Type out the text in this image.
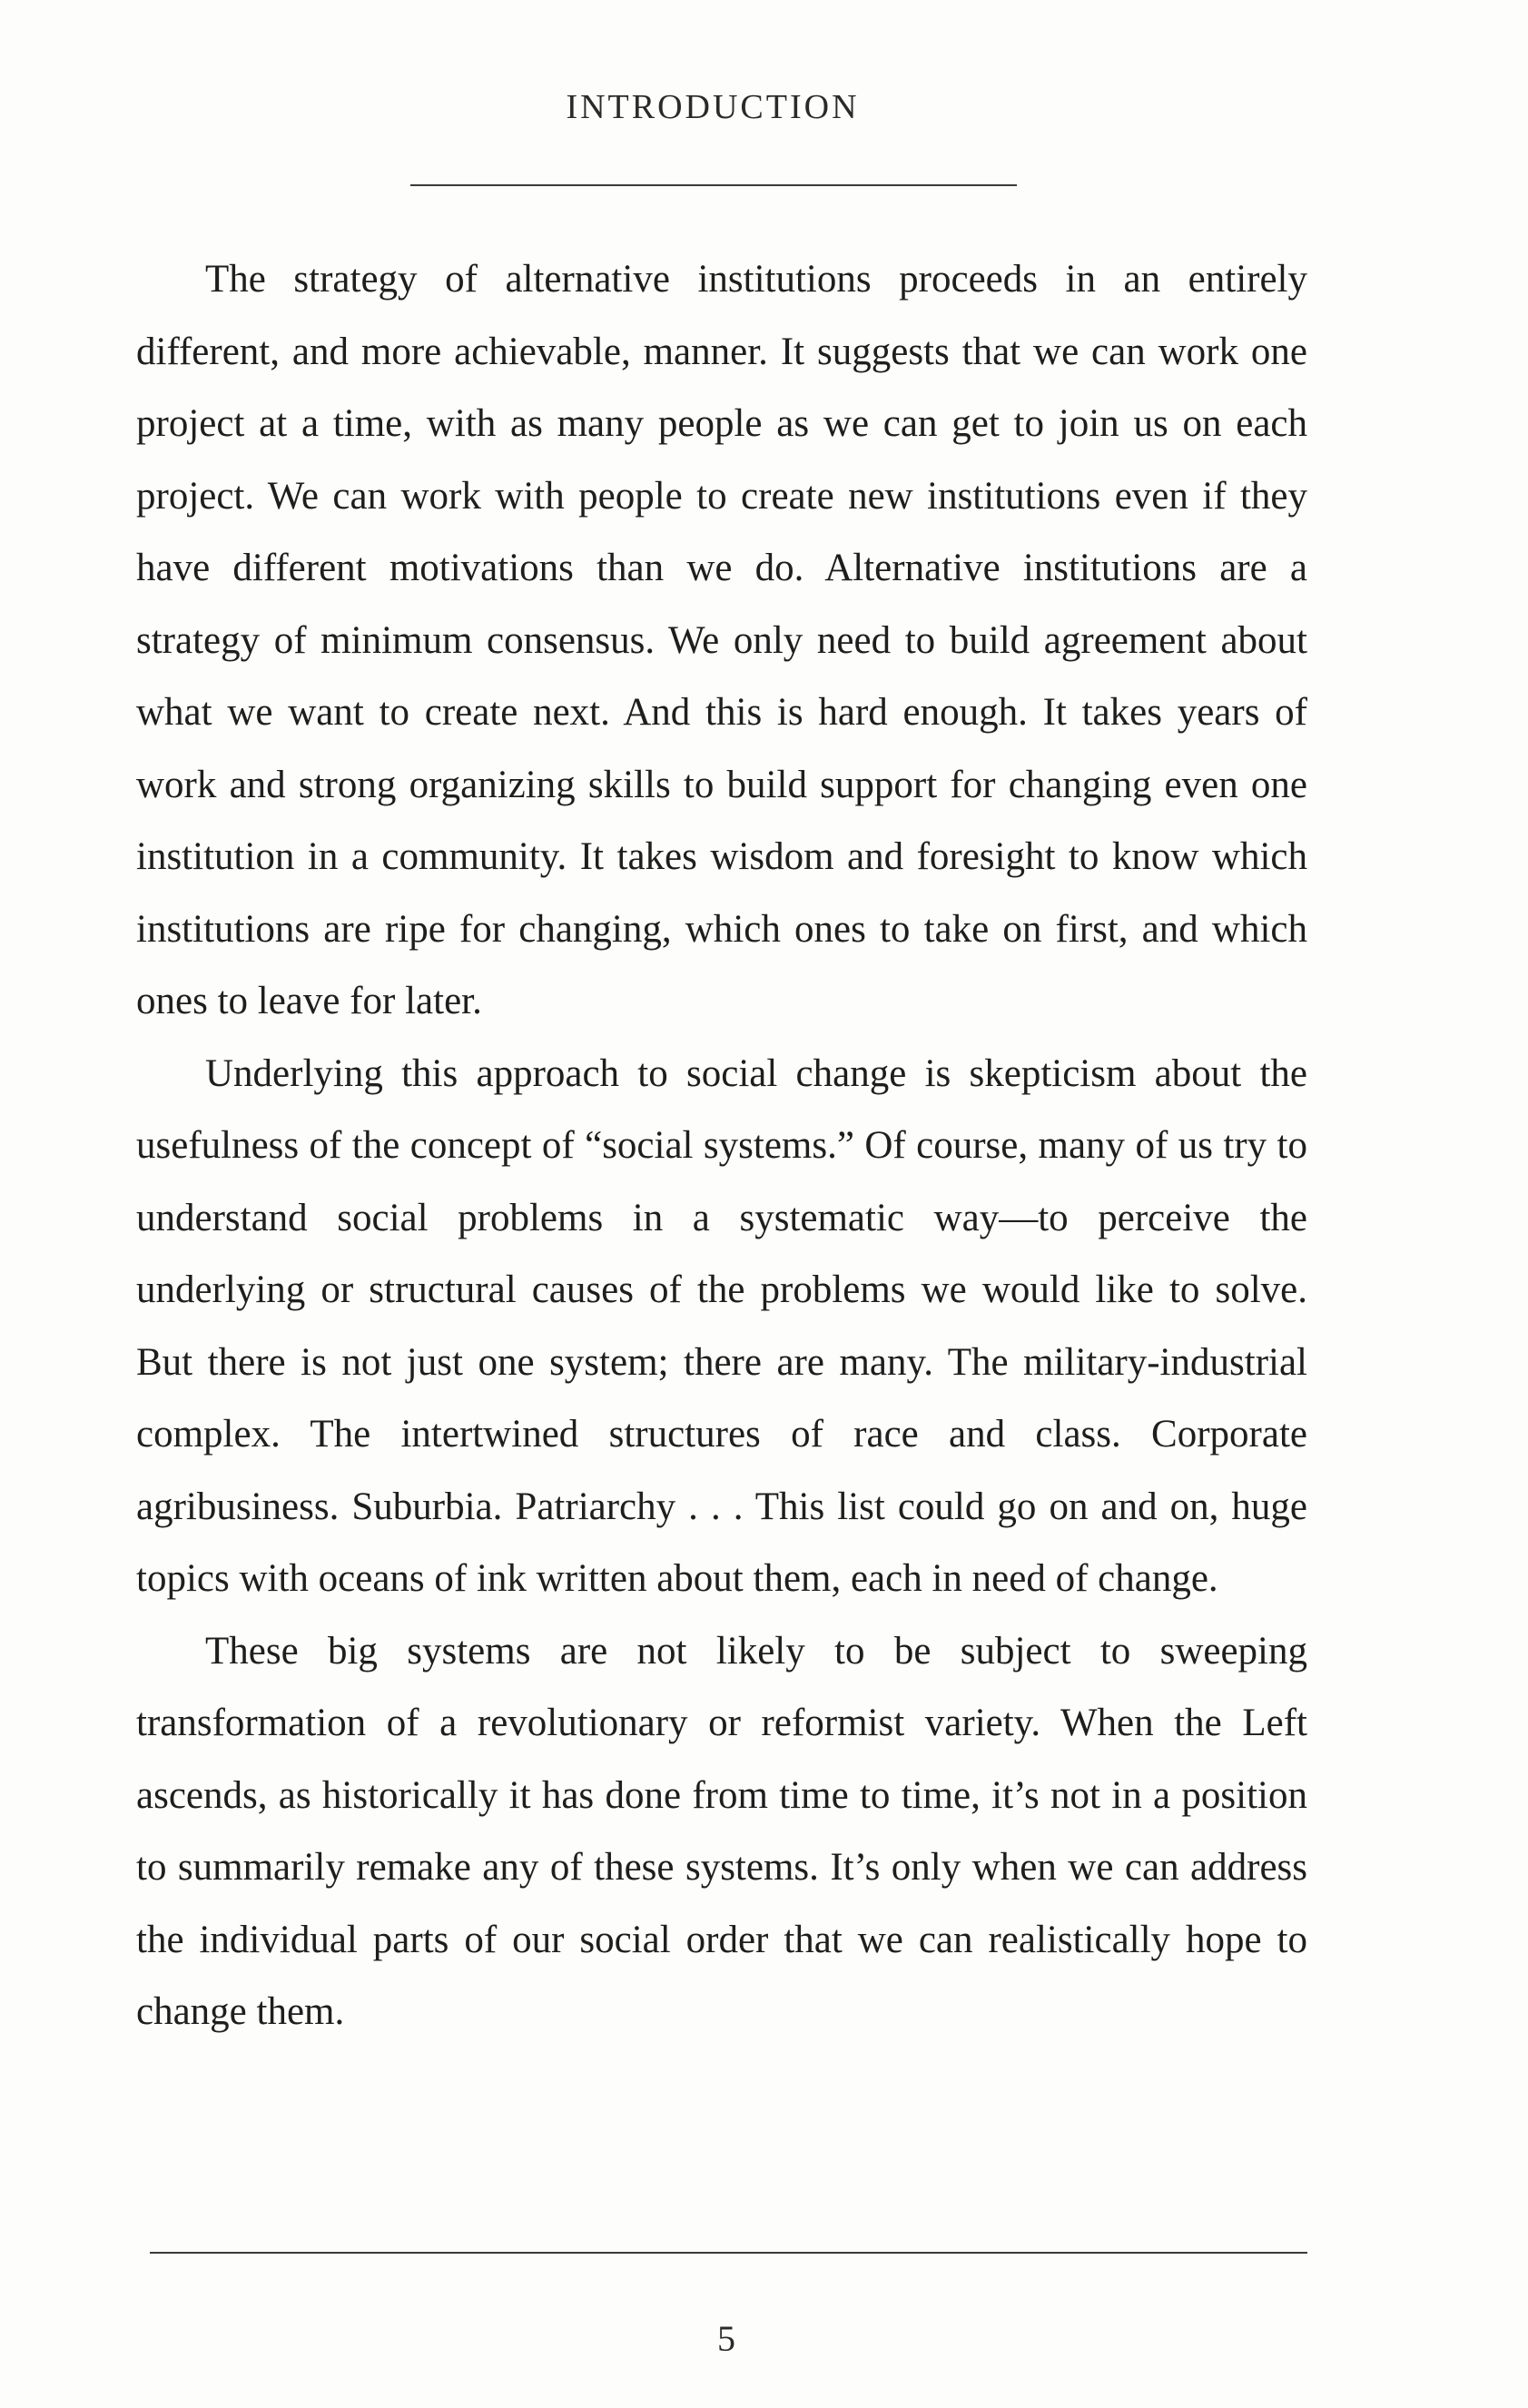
INTRODUCTION

The strategy of alternative institutions proceeds in an entirely different, and more achievable, manner. It suggests that we can work one project at a time, with as many people as we can get to join us on each project. We can work with people to create new institutions even if they have different motivations than we do. Alternative institutions are a strategy of minimum consensus. We only need to build agreement about what we want to create next. And this is hard enough. It takes years of work and strong organizing skills to build support for changing even one institution in a community. It takes wisdom and foresight to know which institutions are ripe for changing, which ones to take on first, and which ones to leave for later.

Underlying this approach to social change is skepticism about the usefulness of the concept of “social systems.” Of course, many of us try to understand social problems in a systematic way—to perceive the underlying or structural causes of the problems we would like to solve. But there is not just one system; there are many. The military-industrial complex. The intertwined structures of race and class. Corporate agribusiness. Suburbia. Patriarchy . . . This list could go on and on, huge topics with oceans of ink written about them, each in need of change.

These big systems are not likely to be subject to sweeping transformation of a revolutionary or reformist variety. When the Left ascends, as historically it has done from time to time, it’s not in a position to summarily remake any of these systems. It’s only when we can address the individual parts of our social order that we can realistically hope to change them.

5
